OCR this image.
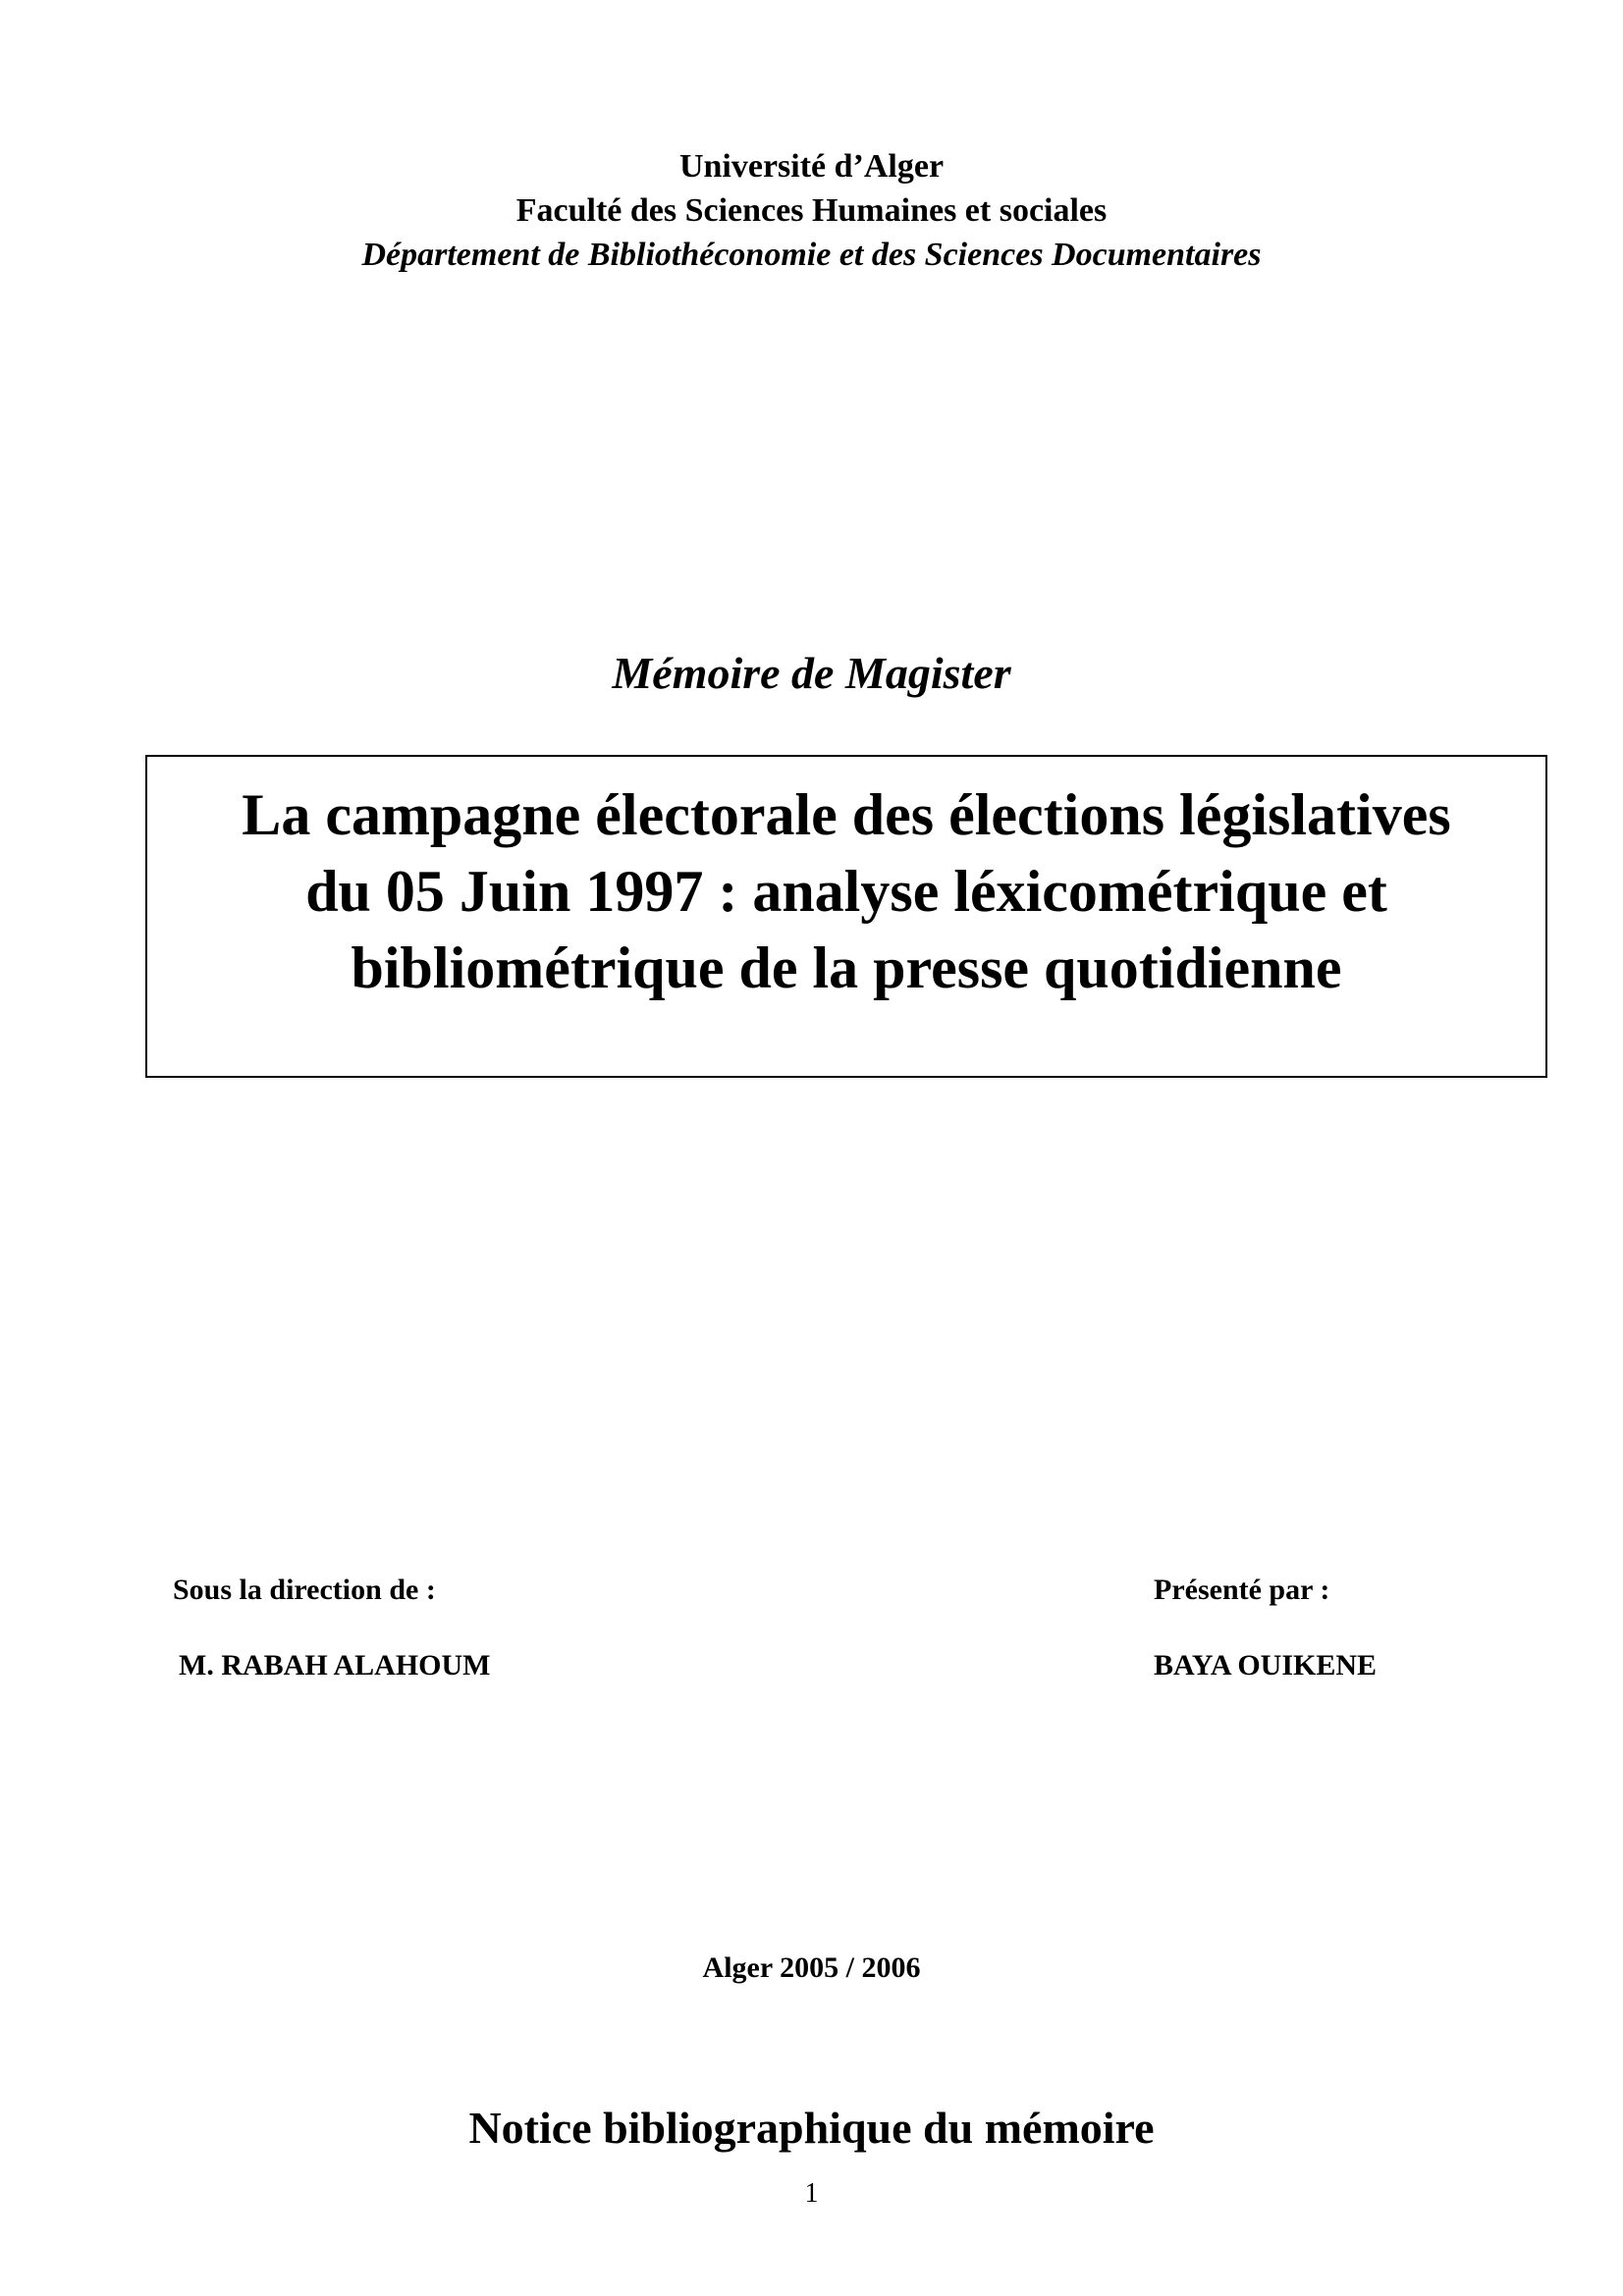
Université d’Alger
Faculté des Sciences Humaines et sociales
Département de Bibliothéconomie et des Sciences Documentaires
Mémoire de Magister
La campagne électorale des élections législatives
du 05 Juin 1997 : analyse léxicométrique et
bibliométrique de la presse quotidienne
Sous la direction de :
M. RABAH ALAHOUM
Présenté par :
BAYA OUIKENE
Alger 2005 / 2006
Notice bibliographique du mémoire
1
